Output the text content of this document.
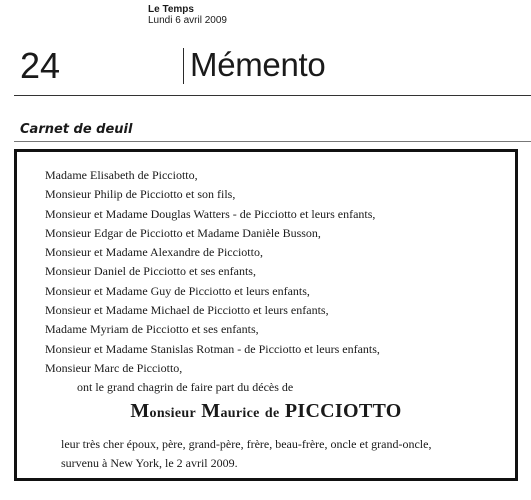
Le Temps
Lundi 6 avril 2009
24	Mémento
Carnet de deuil
Madame Elisabeth de Picciotto,
Monsieur Philip de Picciotto et son fils,
Monsieur et Madame Douglas Watters - de Picciotto et leurs enfants,
Monsieur Edgar de Picciotto et Madame Danièle Busson,
Monsieur et Madame Alexandre de Picciotto,
Monsieur Daniel de Picciotto et ses enfants,
Monsieur et Madame Guy de Picciotto et leurs enfants,
Monsieur et Madame Michael de Picciotto et leurs enfants,
Madame Myriam de Picciotto et ses enfants,
Monsieur et Madame Stanislas Rotman - de Picciotto et leurs enfants,
Monsieur Marc de Picciotto,
ont le grand chagrin de faire part du décès de
Monsieur Maurice de PICCIOTTO
leur très cher époux, père, grand-père, frère, beau-frère, oncle et grand-oncle,
survenu à New York, le 2 avril 2009.
